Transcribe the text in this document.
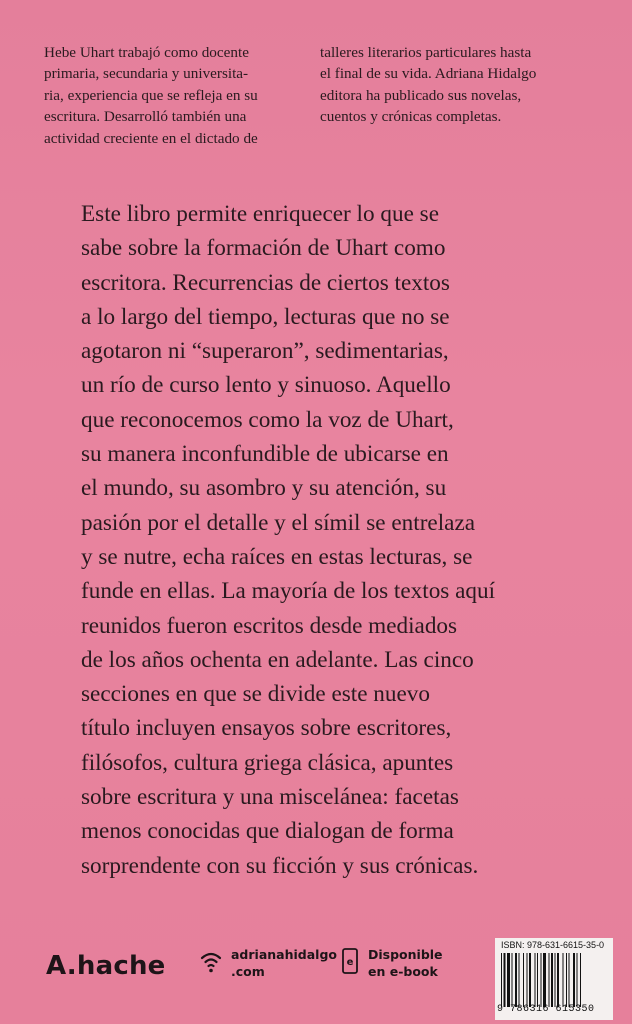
Hebe Uhart trabajó como docente
primaria, secundaria y universita-
ria, experiencia que se refleja en su
escritura. Desarrolló también una
actividad creciente en el dictado de
talleres literarios particulares hasta
el final de su vida. Adriana Hidalgo
editora ha publicado sus novelas,
cuentos y crónicas completas.
Este libro permite enriquecer lo que se
sabe sobre la formación de Uhart como
escritora. Recurrencias de ciertos textos
a lo largo del tiempo, lecturas que no se
agotaron ni “superaron”, sedimentarias,
un río de curso lento y sinuoso. Aquello
que reconocemos como la voz de Uhart,
su manera inconfundible de ubicarse en
el mundo, su asombro y su atención, su
pasión por el detalle y el símil se entrelaza
y se nutre, echa raíces en estas lecturas, se
funde en ellas. La mayoría de los textos aquí
reunidos fueron escritos desde mediados
de los años ochenta en adelante. Las cinco
secciones en que se divide este nuevo
título incluyen ensayos sobre escritores,
filósofos, cultura griega clásica, apuntes
sobre escritura y una miscelánea: facetas
menos conocidas que dialogan de forma
sorprendente con su ficción y sus crónicas.
A.hache	adrianahidalgo
.com
e
Disponible
en e-book
ISBN: 978-631-6615-35-0
9 786316 615350
